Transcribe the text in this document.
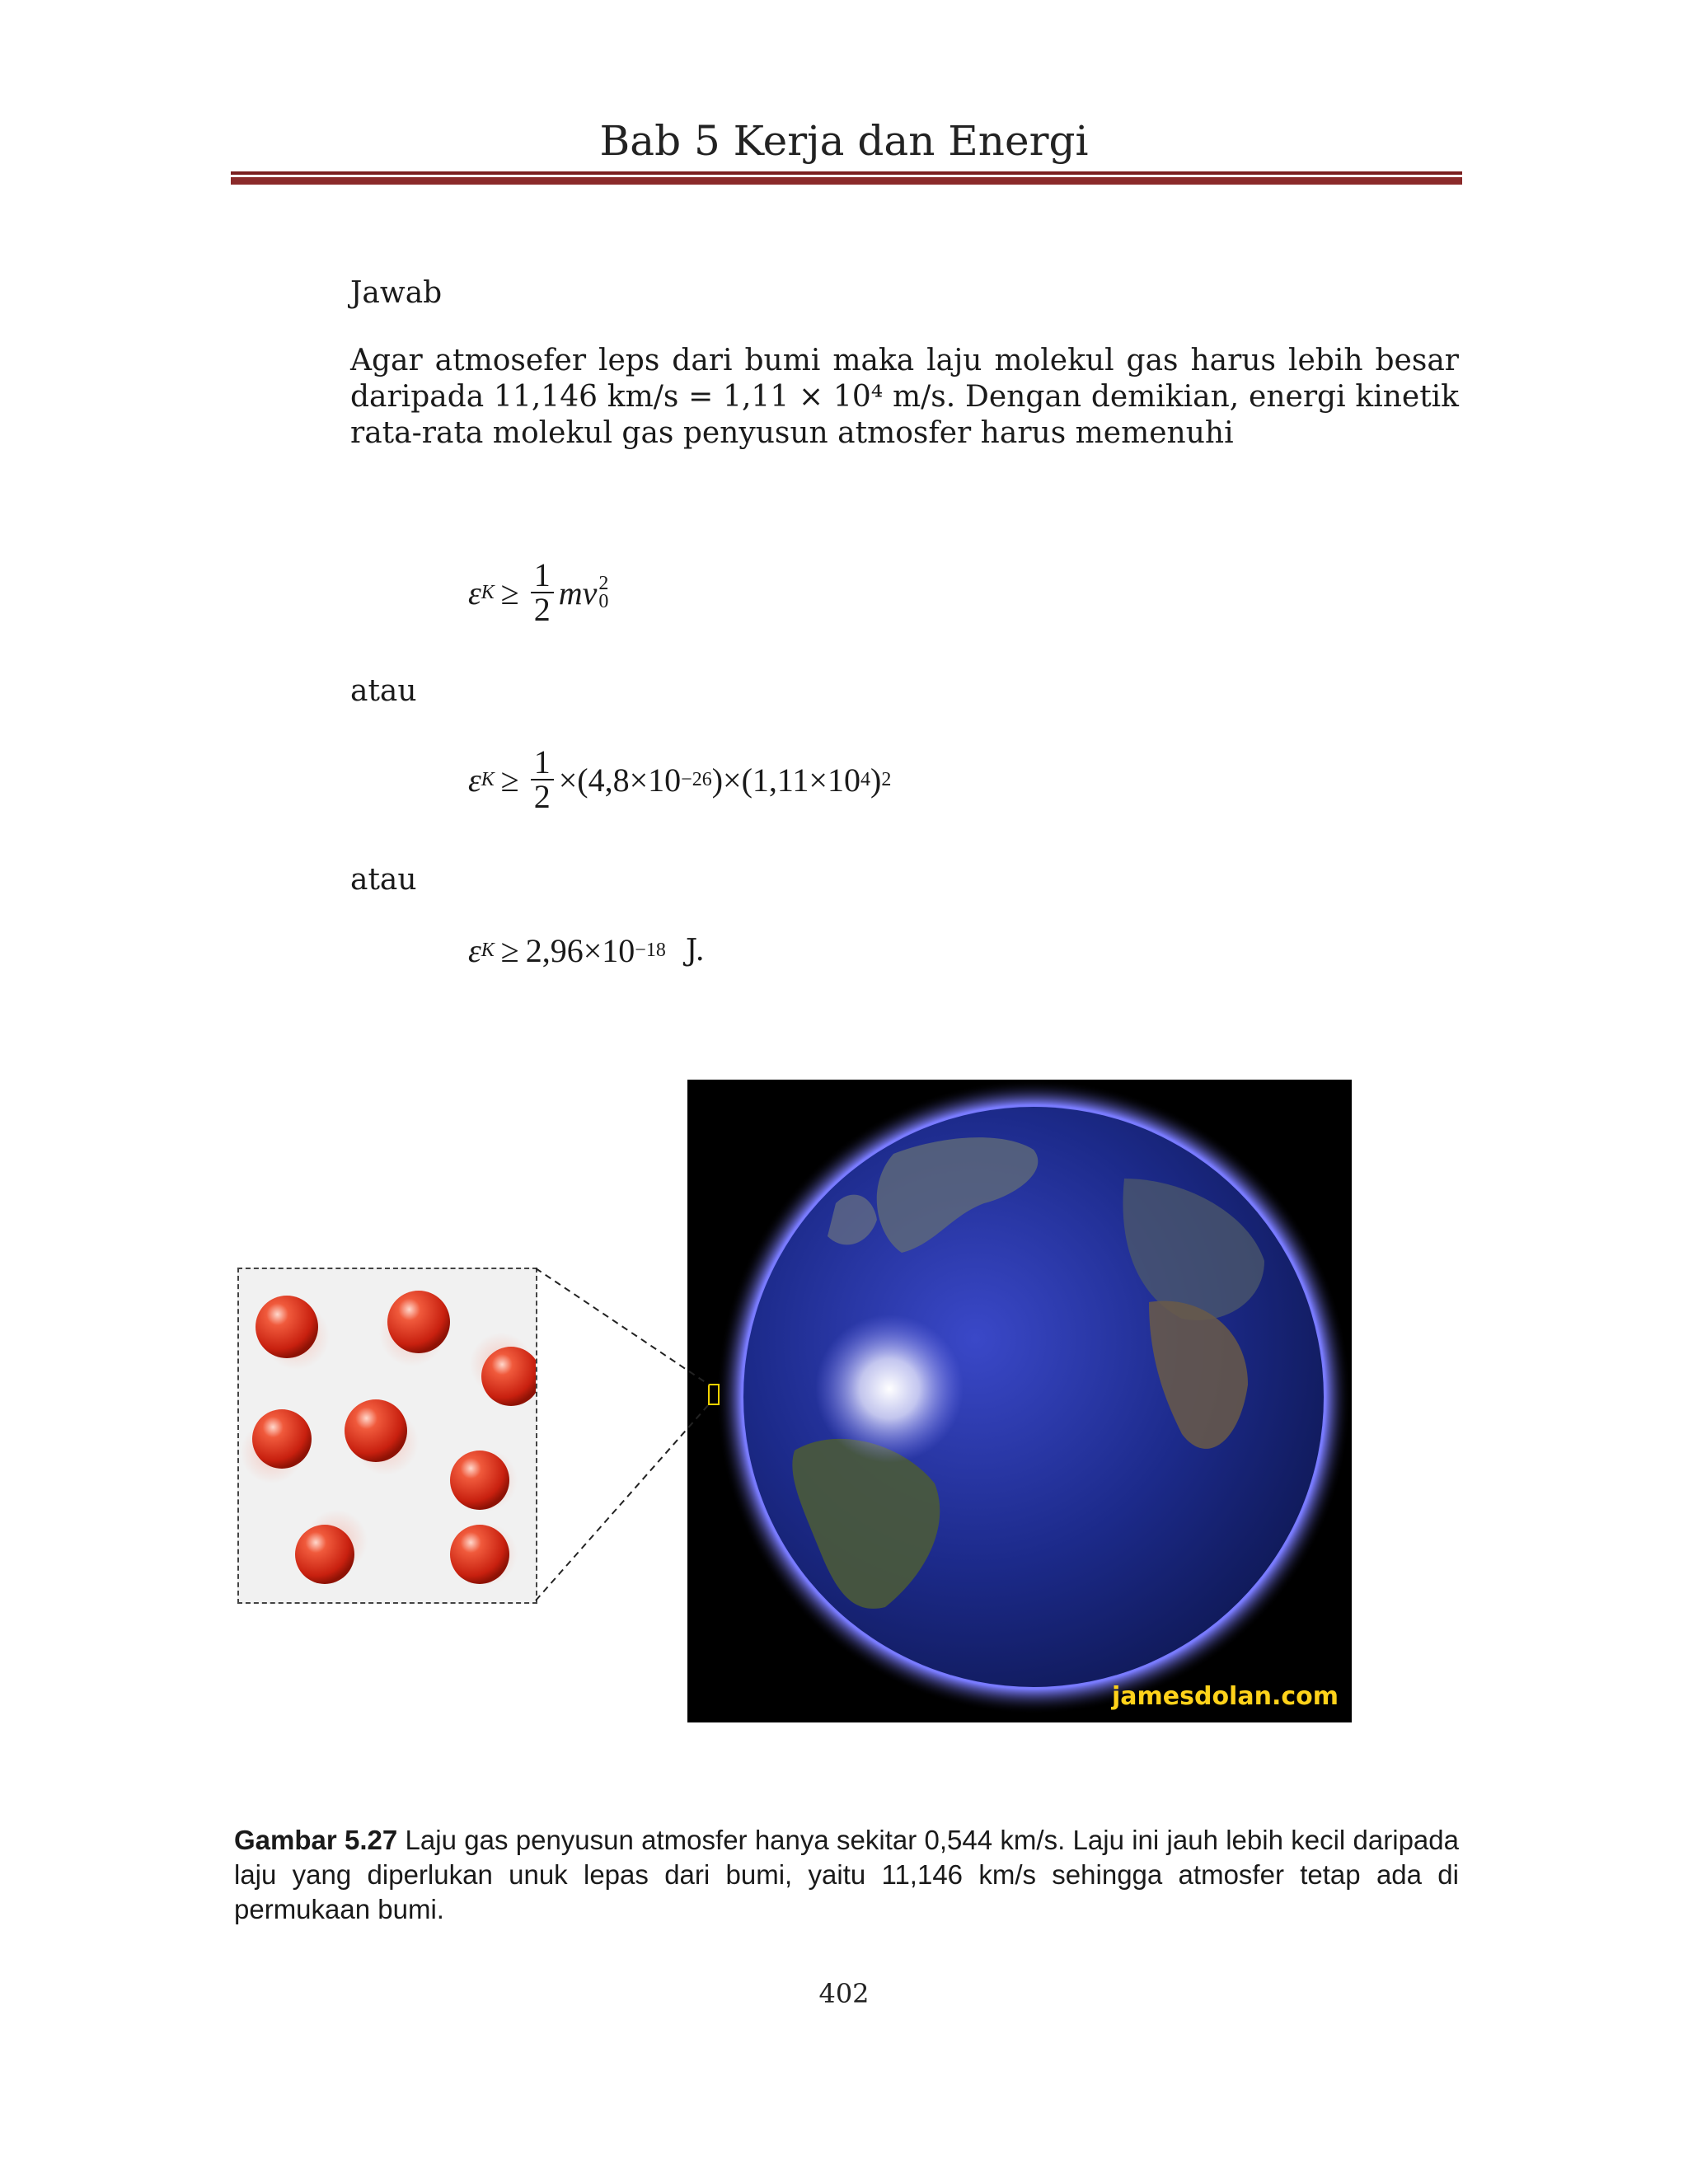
Bab 5 Kerja dan Energi
Jawab
Agar atmosefer leps dari bumi maka laju molekul gas harus lebih besar daripada 11,146 km/s = 1,11 × 10⁴ m/s. Dengan demikian, energi kinetik rata-rata molekul gas penyusun atmosfer harus memenuhi
ε $K \ge \frac{1}{2}$ mv 2
0
atau
ε $K \ge \frac{1}{2} \times(4,8\times 10 -26$ )×(1,11×10 4 ) 2
atau
ε K ≥ 2,96×10 −18 J.
jamesdolan.com
Gambar 5.27 Laju gas penyusun atmosfer hanya sekitar 0,544 km/s. Laju ini jauh lebih kecil daripada laju yang diperlukan unuk lepas dari bumi, yaitu 11,146 km/s sehingga atmosfer tetap ada di permukaan bumi.
402
